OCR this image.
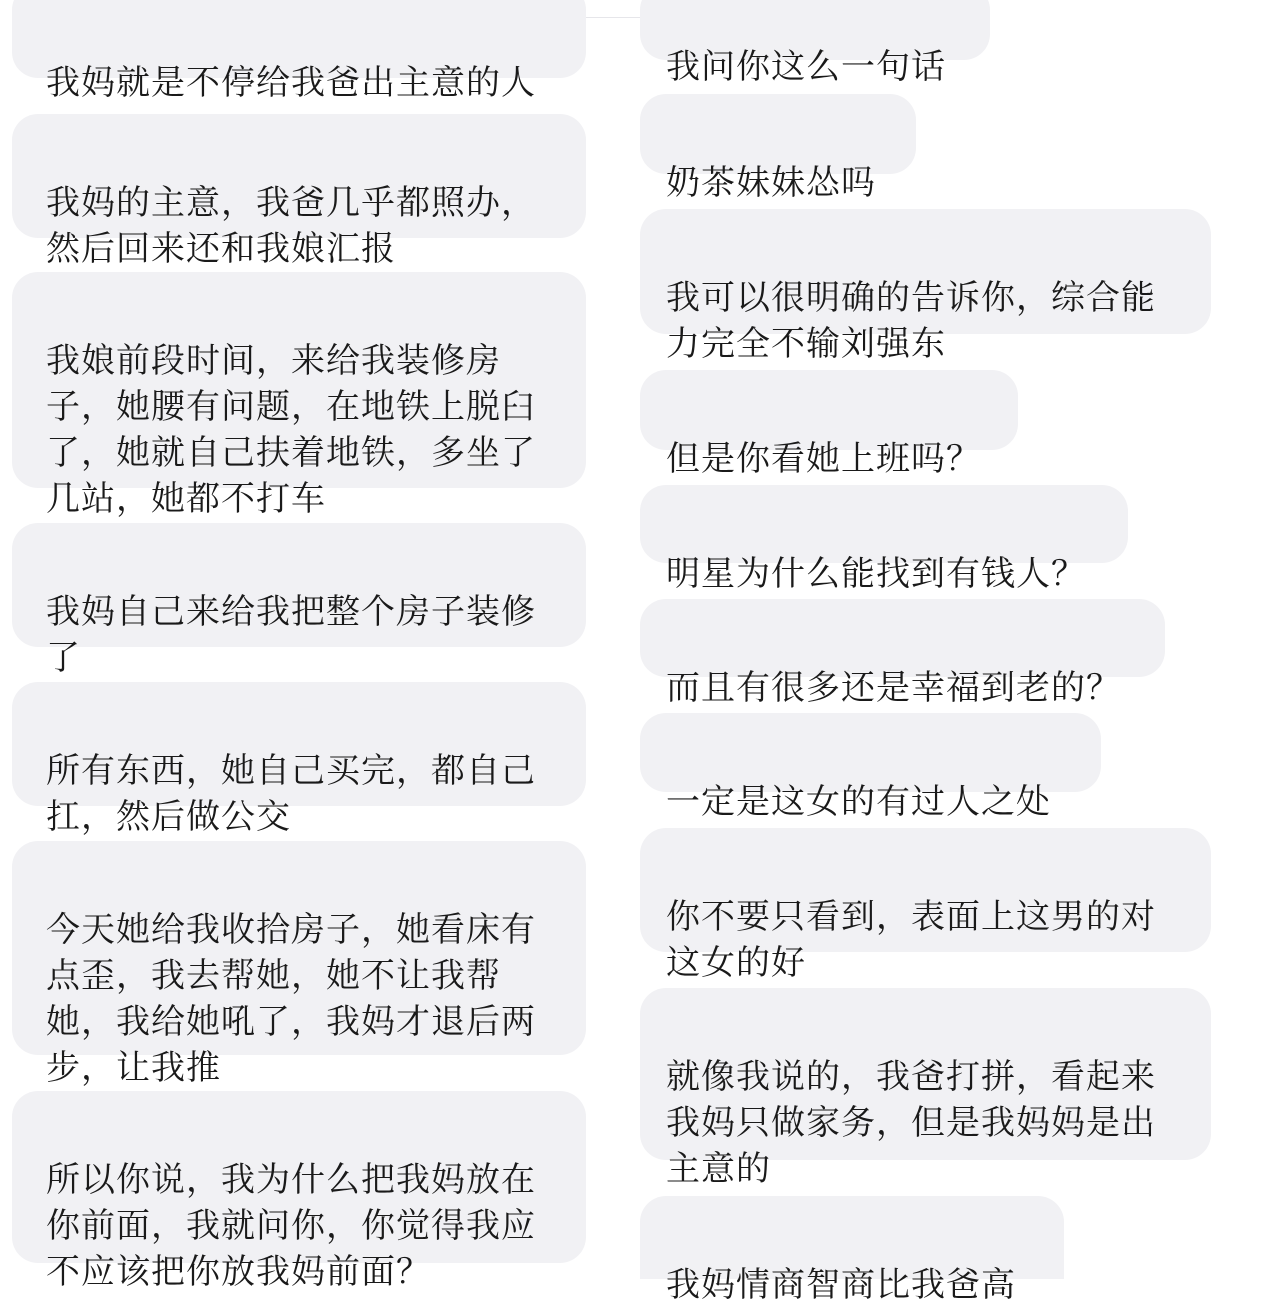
我妈就是不停给我爸出主意的人

我妈的主意，我爸几乎都照办，
然后回来还和我娘汇报

我娘前段时间，来给我装修房
子，她腰有问题，在地铁上脱臼
了，她就自己扶着地铁，多坐了
几站，她都不打车

我妈自己来给我把整个房子装修
了

所有东西，她自己买完，都自己
扛，然后做公交

今天她给我收拾房子，她看床有
点歪，我去帮她，她不让我帮
她，我给她吼了，我妈才退后两
步，让我推

所以你说，我为什么把我妈放在
你前面，我就问你，你觉得我应
不应该把你放我妈前面？

我问你这么一句话

奶茶妹妹怂吗

我可以很明确的告诉你，综合能
力完全不输刘强东

但是你看她上班吗？

明星为什么能找到有钱人？

而且有很多还是幸福到老的？

一定是这女的有过人之处

你不要只看到，表面上这男的对
这女的好

就像我说的，我爸打拼，看起来
我妈只做家务，但是我妈妈是出
主意的

我妈情商智商比我爸高
